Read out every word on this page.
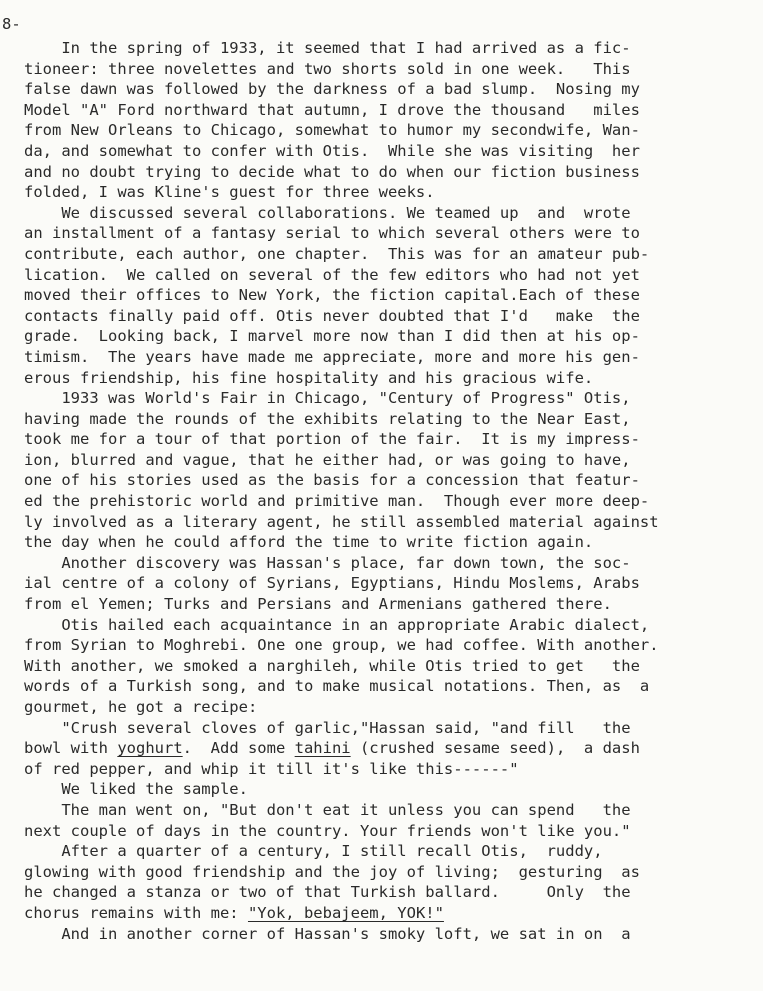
8-
In the spring of 1933, it seemed that I had arrived as a fic-
tioneer: three novelettes and two shorts sold in one week.   This
false dawn was followed by the darkness of a bad slump.  Nosing my
Model "A" Ford northward that autumn, I drove the thousand   miles
from New Orleans to Chicago, somewhat to humor my secondwife, Wan-
da, and somewhat to confer with Otis.  While she was visiting  her
and no doubt trying to decide what to do when our fiction business
folded, I was Kline's guest for three weeks.
We discussed several collaborations. We teamed up  and  wrote
an installment of a fantasy serial to which several others were to
contribute, each author, one chapter.  This was for an amateur pub-
lication.  We called on several of the few editors who had not yet
moved their offices to New York, the fiction capital.Each of these
contacts finally paid off. Otis never doubted that I'd   make  the
grade.  Looking back, I marvel more now than I did then at his op-
timism.  The years have made me appreciate, more and more his gen-
erous friendship, his fine hospitality and his gracious wife.
1933 was World's Fair in Chicago, "Century of Progress" Otis,
having made the rounds of the exhibits relating to the Near East,
took me for a tour of that portion of the fair.  It is my impress-
ion, blurred and vague, that he either had, or was going to have,
one of his stories used as the basis for a concession that featur-
ed the prehistoric world and primitive man.  Though ever more deep-
ly involved as a literary agent, he still assembled material against
the day when he could afford the time to write fiction again.
Another discovery was Hassan's place, far down town, the soc-
ial centre of a colony of Syrians, Egyptians, Hindu Moslems, Arabs
from el Yemen; Turks and Persians and Armenians gathered there.
Otis hailed each acquaintance in an appropriate Arabic dialect,
from Syrian to Moghrebi. One one group, we had coffee. With another.
With another, we smoked a narghileh, while Otis tried to get   the
words of a Turkish song, and to make musical notations. Then, as  a
gourmet, he got a recipe:
"Crush several cloves of garlic,"Hassan said, "and fill   the
bowl with yoghurt.  Add some tahini (crushed sesame seed),  a dash
of red pepper, and whip it till it's like this------"
We liked the sample.
The man went on, "But don't eat it unless you can spend   the
next couple of days in the country. Your friends won't like you."
After a quarter of a century, I still recall Otis,  ruddy,
glowing with good friendship and the joy of living;  gesturing  as
he changed a stanza or two of that Turkish ballard.     Only  the
chorus remains with me: "Yok, bebajeem, YOK!"
And in another corner of Hassan's smoky loft, we sat in on  a
